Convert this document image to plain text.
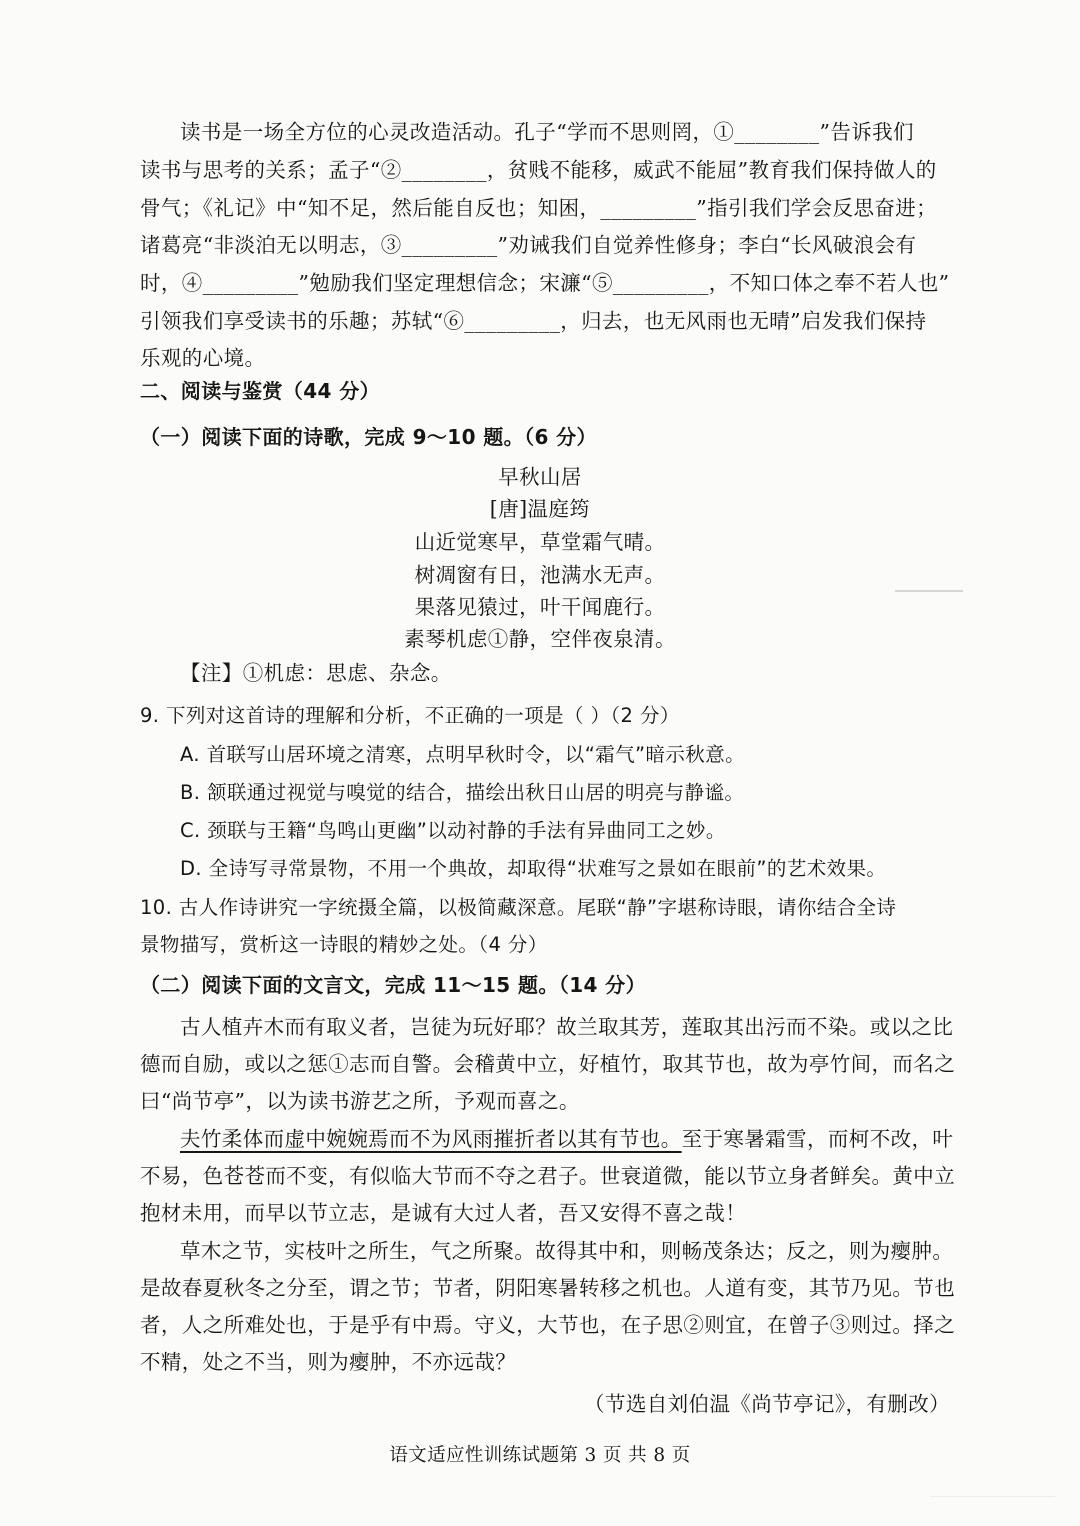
读书是一场全方位的心灵改造活动。孔子“学而不思则罔，①________”告诉我们
读书与思考的关系；孟子“②________，贫贱不能移，威武不能屈”教育我们保持做人的
骨气；《礼记》中“知不足，然后能自反也；知困，_________”指引我们学会反思奋进；
诸葛亮“非淡泊无以明志，③_________”劝诫我们自觉养性修身；李白“长风破浪会有
时，④_________”勉励我们坚定理想信念；宋濂“⑤_________，不知口体之奉不若人也”
引领我们享受读书的乐趣；苏轼“⑥_________，归去，也无风雨也无晴”启发我们保持
乐观的心境。
二、阅读与鉴赏（44 分）
（一）阅读下面的诗歌，完成 9～10 题。（6 分）
早秋山居
[唐]温庭筠
山近觉寒早，草堂霜气晴。
树凋窗有日，池满水无声。
果落见猿过，叶干闻鹿行。
素琴机虑①静，空伴夜泉清。
【注】①机虑：思虑、杂念。
9. 下列对这首诗的理解和分析，不正确的一项是（ ）（2 分）
A. 首联写山居环境之清寒，点明早秋时令，以“霜气”暗示秋意。
B. 颔联通过视觉与嗅觉的结合，描绘出秋日山居的明亮与静谧。
C. 颈联与王籍“鸟鸣山更幽”以动衬静的手法有异曲同工之妙。
D. 全诗写寻常景物，不用一个典故，却取得“状难写之景如在眼前”的艺术效果。
10. 古人作诗讲究一字统摄全篇，以极简藏深意。尾联“静”字堪称诗眼，请你结合全诗
景物描写，赏析这一诗眼的精妙之处。（4 分）
（二）阅读下面的文言文，完成 11～15 题。（14 分）
古人植卉木而有取义者，岂徒为玩好耶？故兰取其芳，莲取其出污而不染。或以之比
德而自励，或以之惩①志而自警。会稽黄中立，好植竹，取其节也，故为亭竹间，而名之
曰“尚节亭”，以为读书游艺之所，予观而喜之。
夫竹柔体而虚中婉婉焉而不为风雨摧折者以其有节也。至于寒暑霜雪，而柯不改，叶
不易，色苍苍而不变，有似临大节而不夺之君子。世衰道微，能以节立身者鲜矣。黄中立
抱材未用，而早以节立志，是诚有大过人者，吾又安得不喜之哉！
草木之节，实枝叶之所生，气之所聚。故得其中和，则畅茂条达；反之，则为瘿肿。
是故春夏秋冬之分至，谓之节；节者，阴阳寒暑转移之机也。人道有变，其节乃见。节也
者，人之所难处也，于是乎有中焉。守义，大节也，在子思②则宜，在曾子③则过。择之
不精，处之不当，则为瘿肿，不亦远哉？
（节选自刘伯温《尚节亭记》，有删改）
语文适应性训练试题第 3 页 共 8 页
